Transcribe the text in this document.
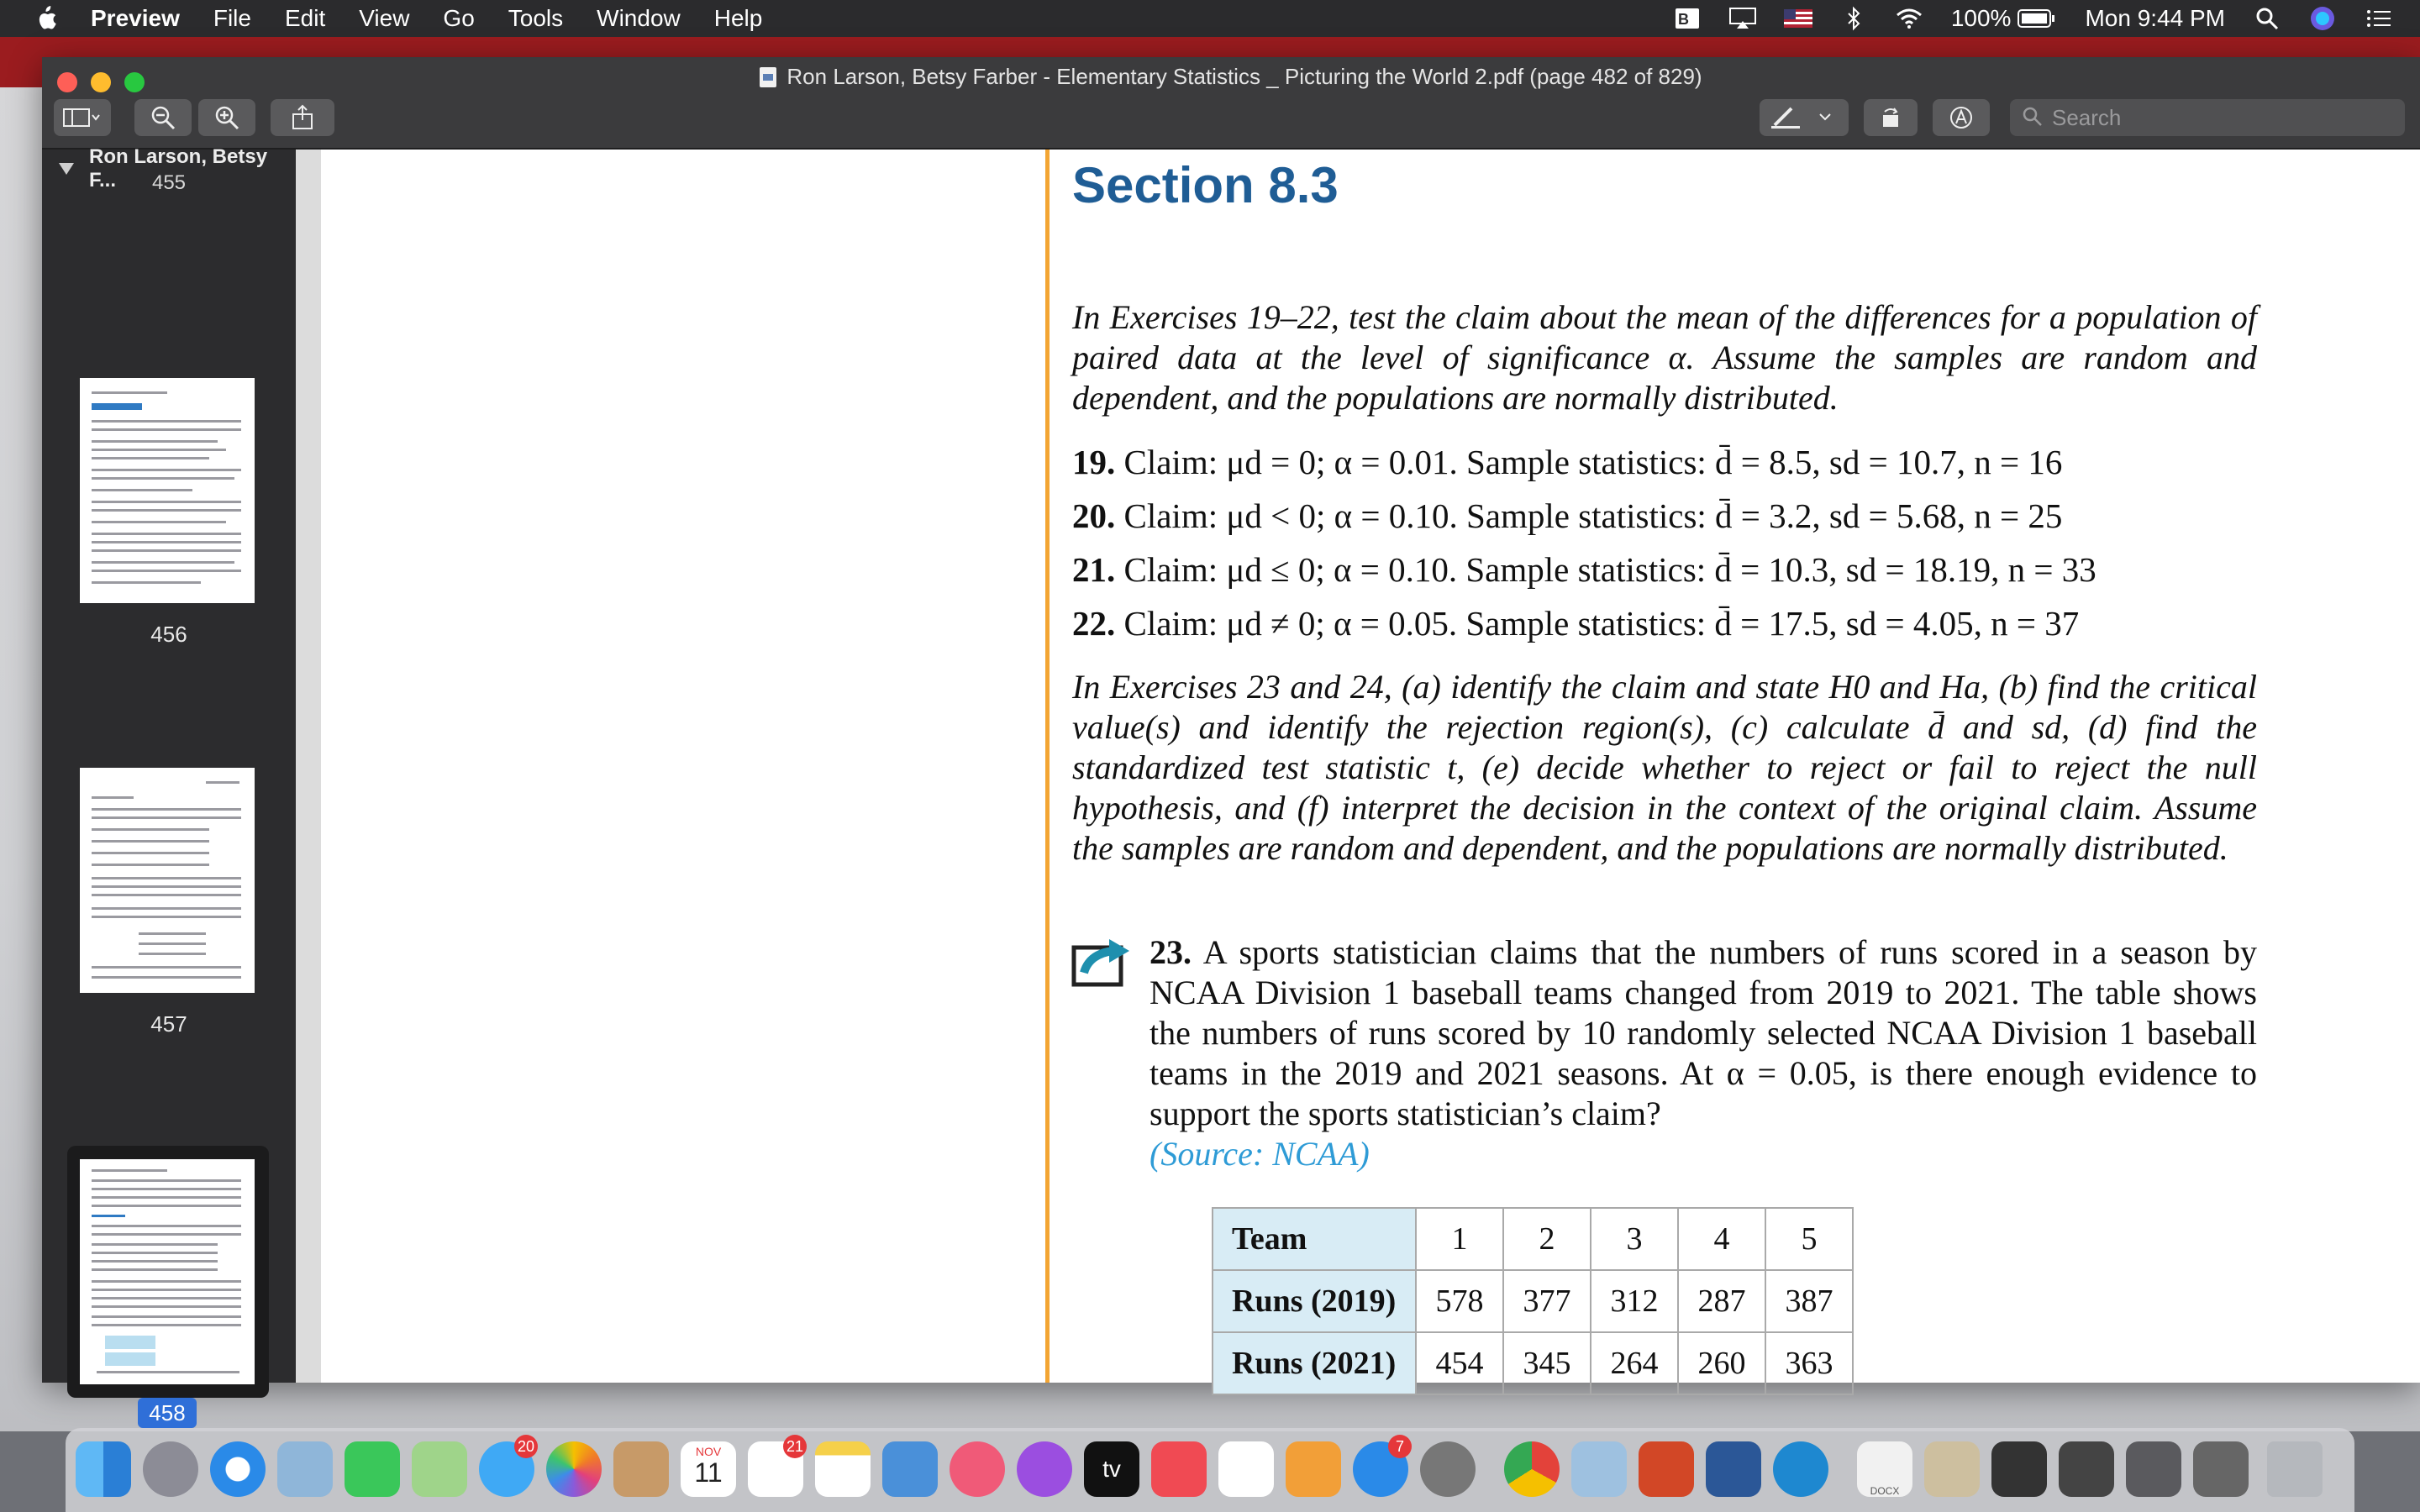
Preview File Edit View Go Tools Window Help	B	100%	Mon 9:44 PM
Ron Larson, Betsy Farber - Elementary Statistics _ Picturing the World 2.pdf (page 482 of 829)
Search
Ron Larson, Betsy F...	455
456
457
458
Section 8.3
In Exercises 19–22, test the claim about the mean of the differences for a population of paired data at the level of significance α. Assume the samples are random and dependent, and the populations are normally distributed.
19. Claim: μd = 0; α = 0.01. Sample statistics: d̄ = 8.5, sd = 10.7, n = 16
20. Claim: μd < 0; α = 0.10. Sample statistics: d̄ = 3.2, sd = 5.68, n = 25
21. Claim: μd ≤ 0; α = 0.10. Sample statistics: d̄ = 10.3, sd = 18.19, n = 33
22. Claim: μd ≠ 0; α = 0.05. Sample statistics: d̄ = 17.5, sd = 4.05, n = 37
In Exercises 23 and 24, (a) identify the claim and state H0 and Ha, (b) find the critical value(s) and identify the rejection region(s), (c) calculate d̄ and sd, (d) find the standardized test statistic t, (e) decide whether to reject or fail to reject the null hypothesis, and (f) interpret the decision in the context of the original claim. Assume the samples are random and dependent, and the populations are normally distributed.
23. A sports statistician claims that the numbers of runs scored in a season by NCAA Division 1 baseball teams changed from 2019 to 2021. The table shows the numbers of runs scored by 10 randomly selected NCAA Division 1 baseball teams in the 2019 and 2021 seasons. At α = 0.05, is there enough evidence to support the sports statistician’s claim?
(Source: NCAA)
Team	1	2	3	4	5
Runs (2019)	578	377	312	287	387
Runs (2021)	454	345	264	260	363
20	NOV
11
21
tv
7
DOCX
